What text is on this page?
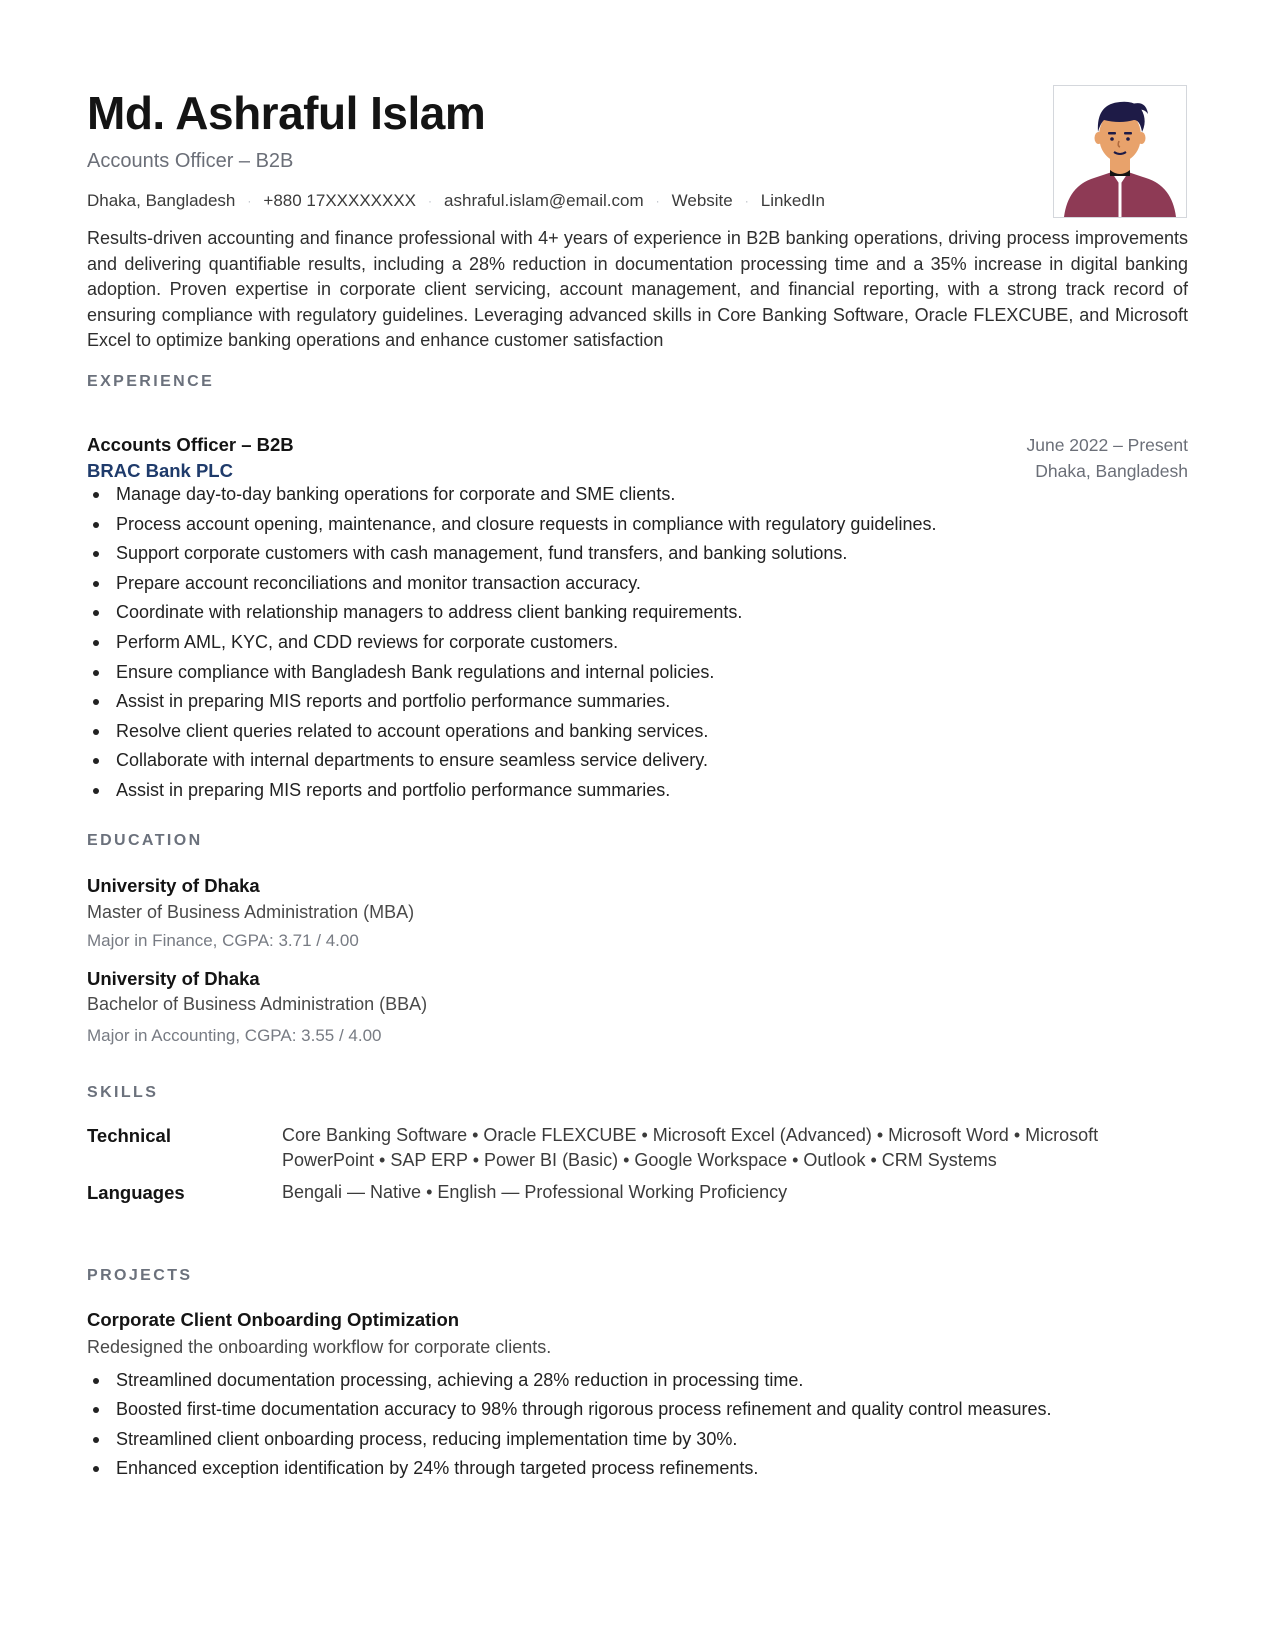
Md. Ashraful Islam
Accounts Officer – B2B
Dhaka, Bangladesh · +880 17XXXXXXXX · ashraful.islam@email.com · Website · LinkedIn
Results-driven accounting and finance professional with 4+ years of experience in B2B banking operations, driving process improvements and delivering quantifiable results, including a 28% reduction in documentation processing time and a 35% increase in digital banking adoption. Proven expertise in corporate client servicing, account management, and financial reporting, with a strong track record of ensuring compliance with regulatory guidelines. Leveraging advanced skills in Core Banking Software, Oracle FLEXCUBE, and Microsoft Excel to optimize banking operations and enhance customer satisfaction
EXPERIENCE
Accounts Officer – B2B
BRAC Bank PLC
June 2022 – Present
Dhaka, Bangladesh
Manage day-to-day banking operations for corporate and SME clients.
Process account opening, maintenance, and closure requests in compliance with regulatory guidelines.
Support corporate customers with cash management, fund transfers, and banking solutions.
Prepare account reconciliations and monitor transaction accuracy.
Coordinate with relationship managers to address client banking requirements.
Perform AML, KYC, and CDD reviews for corporate customers.
Ensure compliance with Bangladesh Bank regulations and internal policies.
Assist in preparing MIS reports and portfolio performance summaries.
Resolve client queries related to account operations and banking services.
Collaborate with internal departments to ensure seamless service delivery.
Assist in preparing MIS reports and portfolio performance summaries.
EDUCATION
University of Dhaka
Master of Business Administration (MBA)
Major in Finance, CGPA: 3.71 / 4.00
University of Dhaka
Bachelor of Business Administration (BBA)
Major in Accounting, CGPA: 3.55 / 4.00
SKILLS
Technical	Core Banking Software • Oracle FLEXCUBE • Microsoft Excel (Advanced) • Microsoft Word • Microsoft PowerPoint • SAP ERP • Power BI (Basic) • Google Workspace • Outlook • CRM Systems
Languages	Bengali — Native • English — Professional Working Proficiency
PROJECTS
Corporate Client Onboarding Optimization
Redesigned the onboarding workflow for corporate clients.
Streamlined documentation processing, achieving a 28% reduction in processing time.
Boosted first-time documentation accuracy to 98% through rigorous process refinement and quality control measures.
Streamlined client onboarding process, reducing implementation time by 30%.
Enhanced exception identification by 24% through targeted process refinements.
